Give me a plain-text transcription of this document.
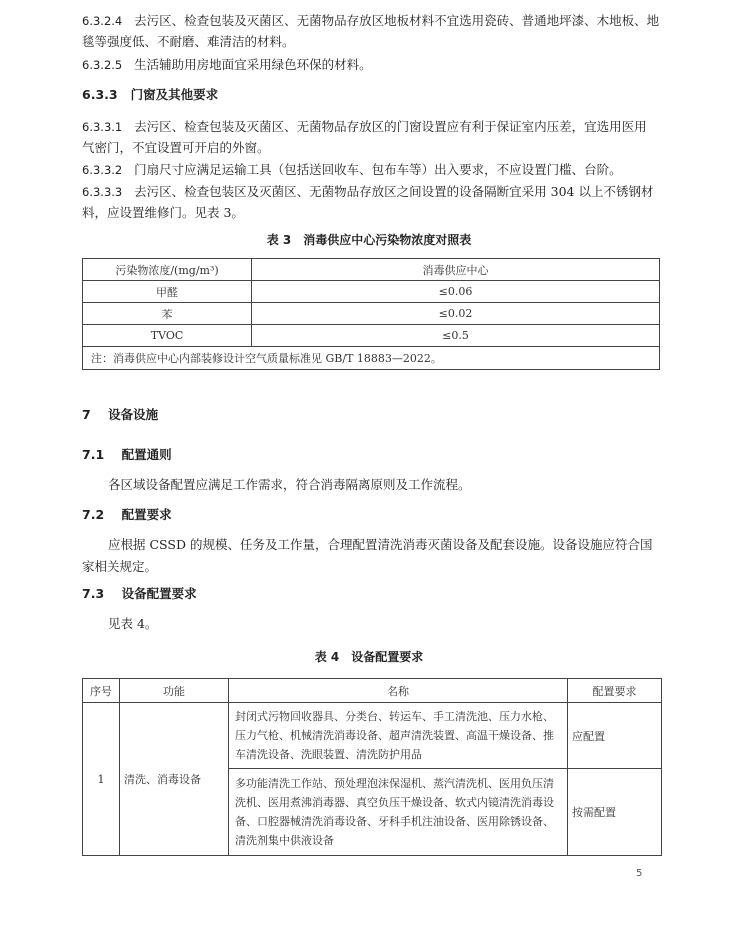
6.3.2.4 去污区、检查包装及灭菌区、无菌物品存放区地板材料不宜选用瓷砖、普通地坪漆、木地板、地
毯等强度低、不耐磨、难清洁的材料。
6.3.2.5 生活辅助用房地面宜采用绿色环保的材料。
6.3.3 门窗及其他要求
6.3.3.1 去污区、检查包装及灭菌区、无菌物品存放区的门窗设置应有利于保证室内压差，宜选用医用
气密门，不宜设置可开启的外窗。
6.3.3.2 门扇尺寸应满足运输工具（包括送回收车、包布车等）出入要求，不应设置门槛、台阶。
6.3.3.3 去污区、检查包装区及灭菌区、无菌物品存放区之间设置的设备隔断宜采用 304 以上不锈钢材
料，应设置维修门。见表 3。
表 3　消毒供应中心污染物浓度对照表
污染物浓度/(mg/m³)	消毒供应中心
甲醛	≤0.06
苯	≤0.02
TVOC	≤0.5
注：消毒供应中心内部装修设计空气质量标准见 GB/T 18883—2022。	
7 设备设施
7.1 配置通则
各区域设备配置应满足工作需求，符合消毒隔离原则及工作流程。
7.2 配置要求
应根据 CSSD 的规模、任务及工作量，合理配置清洗消毒灭菌设备及配套设施。设备设施应符合国
家相关规定。
7.3 设备配置要求
见表 4。
表 4　设备配置要求
序号	功能	名称	配置要求
1	清洗、消毒设备	封闭式污物回收器具、分类台、转运车、手工清洗池、压力水枪、压力气枪、机械清洗消毒设备、超声清洗装置、高温干燥设备、推车清洗设备、洗眼装置、清洗防护用品	应配置
		多功能清洗工作站、预处理泡沫保湿机、蒸汽清洗机、医用负压清洗机、医用煮沸消毒器、真空负压干燥设备、软式内镜清洗消毒设备、口腔器械清洗消毒设备、牙科手机注油设备、医用除锈设备、清洗剂集中供液设备	按需配置
5
